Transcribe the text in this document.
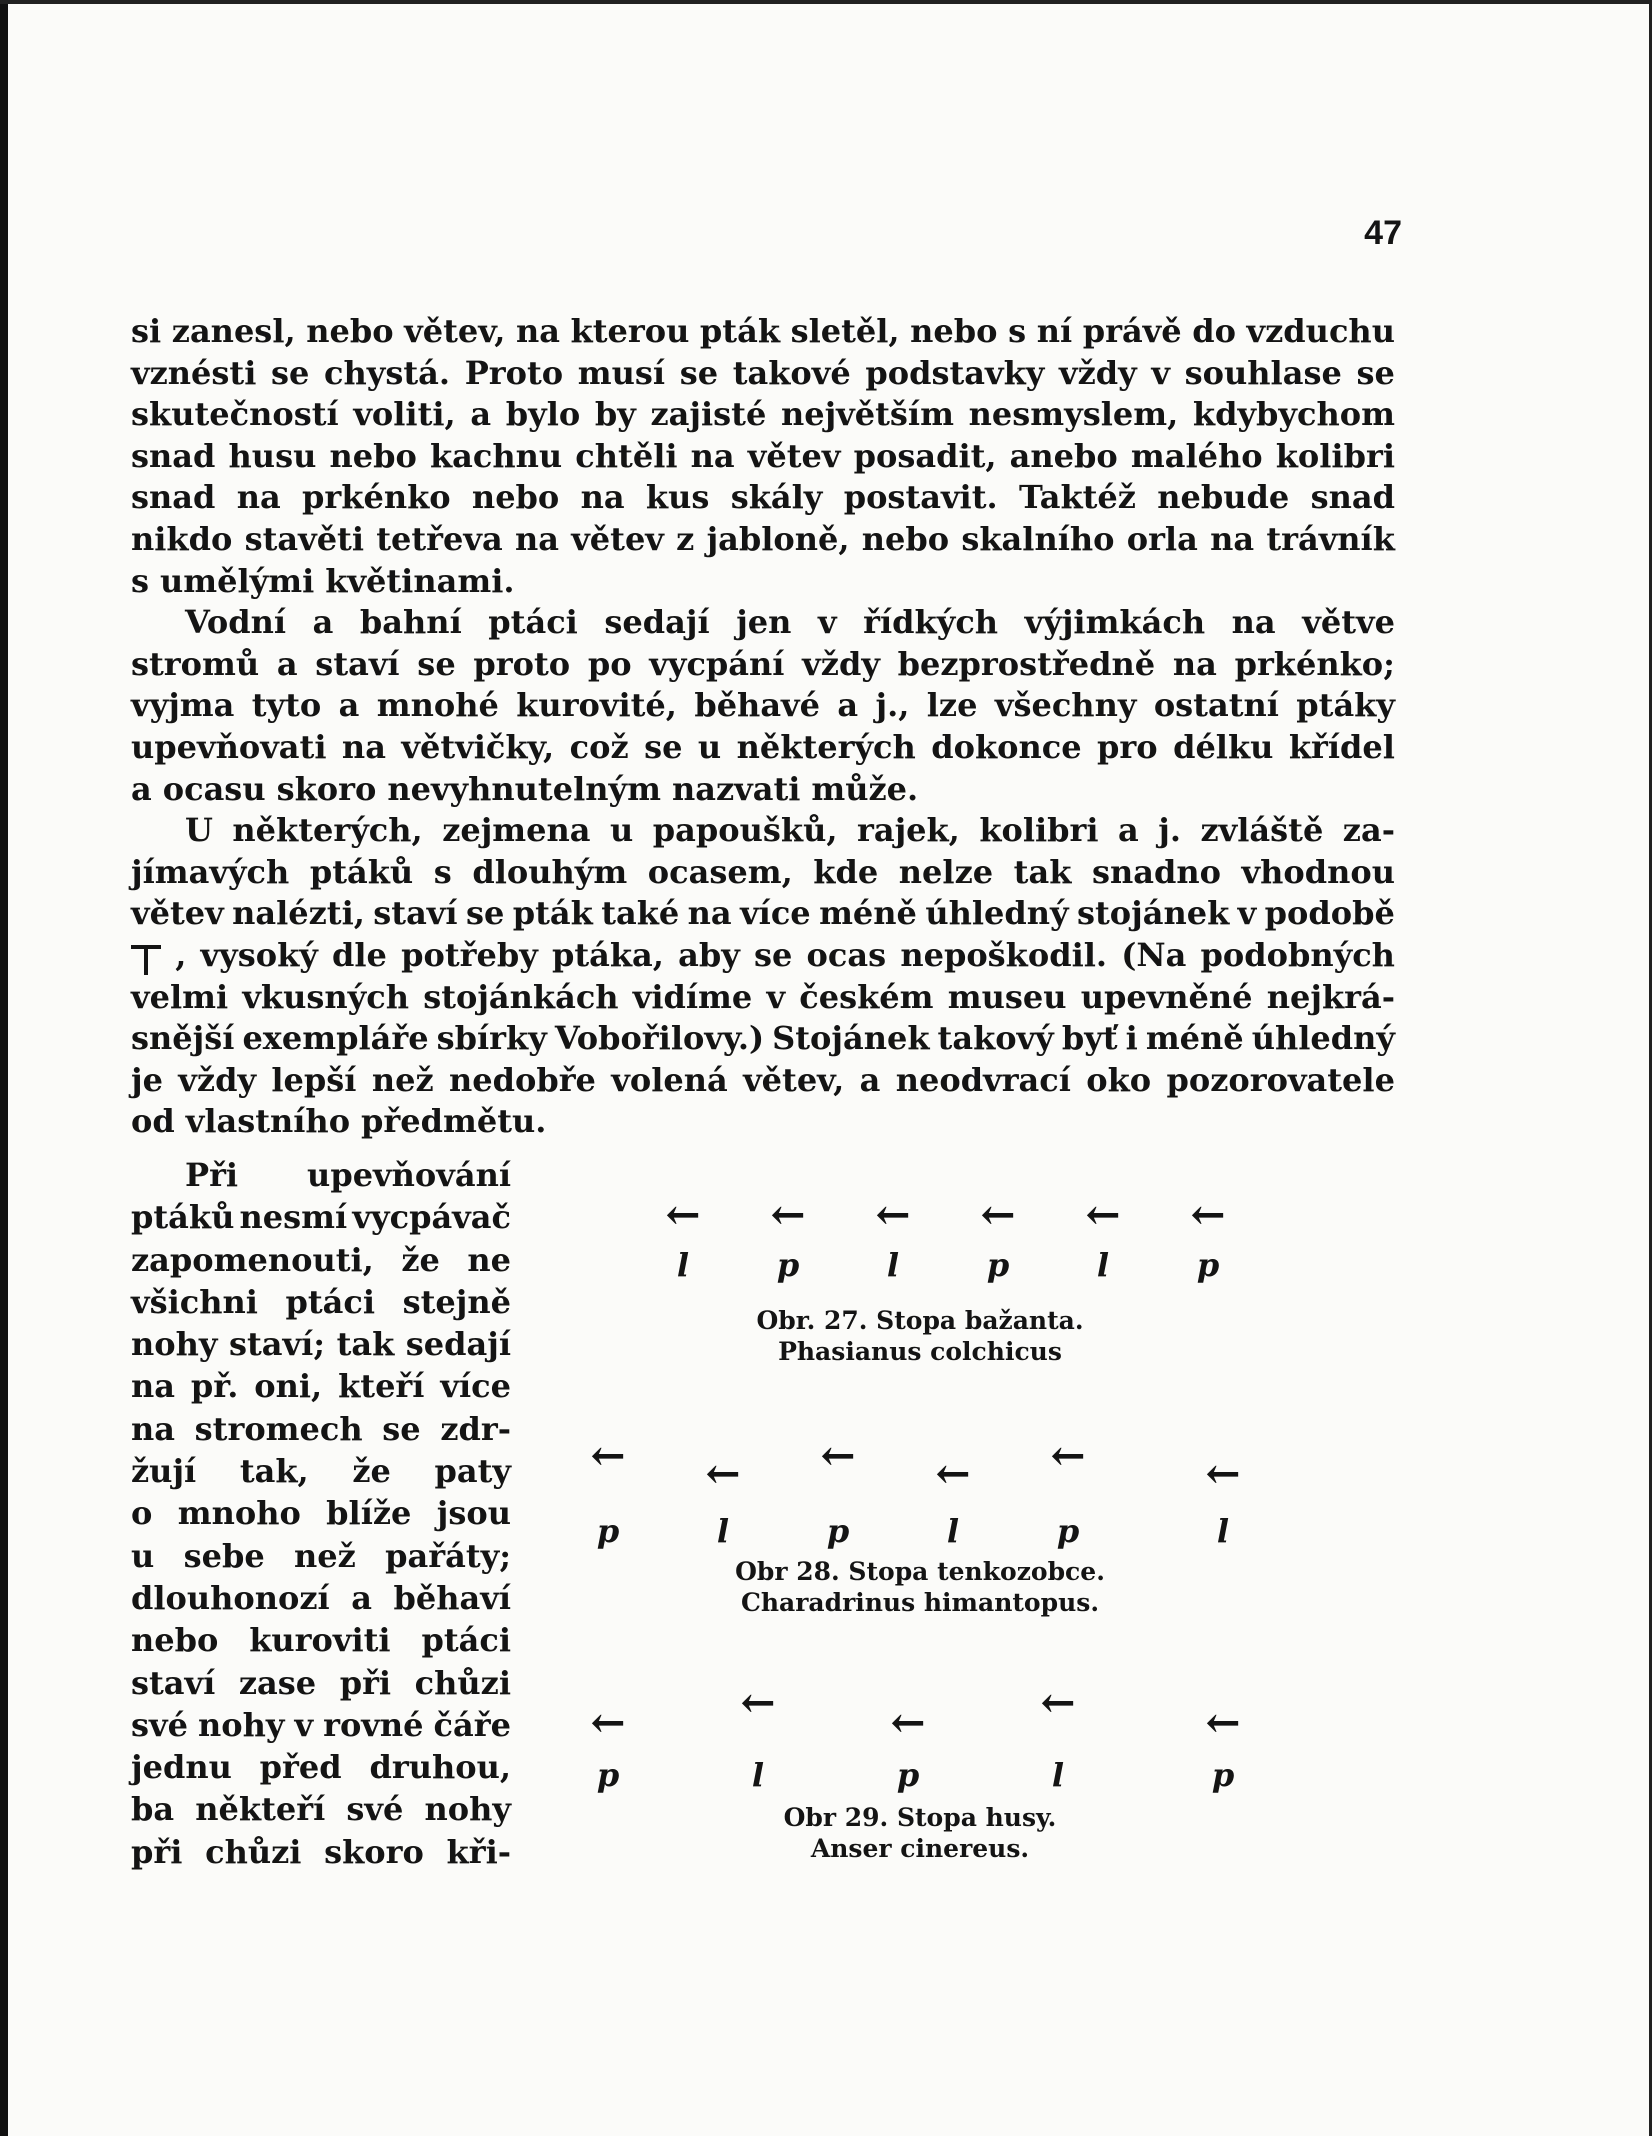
47
si zanesl, nebo větev, na kterou pták sletěl, nebo s ní právě do vzduchu
vznésti se chystá. Proto musí se takové podstavky vždy v souhlase se
skutečností voliti, a bylo by zajisté největším nesmyslem, kdybychom
snad husu nebo kachnu chtěli na větev posadit, anebo malého kolibri
snad na prkénko nebo na kus skály postavit. Taktéž nebude snad
nikdo stavěti tetřeva na větev z jabloně, nebo skalního orla na trávník
s umělými květinami.
Vodní a bahní ptáci sedají jen v řídkých výjimkách na větve
stromů a staví se proto po vycpání vždy bezprostředně na prkénko;
vyjma tyto a mnohé kurovité, běhavé a j., lze všechny ostatní ptáky
upevňovati na větvičky, což se u některých dokonce pro délku křídel
a ocasu skoro nevyhnutelným nazvati může.
U některých, zejmena u papoušků, rajek, kolibri a j. zvláště za-
jímavých ptáků s dlouhým ocasem, kde nelze tak snadno vhodnou
větev nalézti, staví se pták také na více méně úhledný stojánek v podobě
, vysoký dle potřeby ptáka, aby se ocas nepoškodil. (Na podobných
velmi vkusných stojánkách vidíme v českém museu upevněné nejkrá-
snější exempláře sbírky Vobořilovy.) Stojánek takový byť i méně úhledný
je vždy lepší než nedobře volená větev, a neodvrací oko pozorovatele
od vlastního předmětu.
Při upevňování
ptáků nesmí vycpávač
zapomenouti, že ne
všichni ptáci stejně
nohy staví; tak sedají
na př. oni, kteří více
na stromech se zdr-
žují tak, že paty
o mnoho blíže jsou
u sebe než pařáty;
dlouhonozí a běhaví
nebo kuroviti ptáci
staví zase při chůzi
své nohy v rovné čáře
jednu před druhou,
ba někteří své nohy
při chůzi skoro kři-
←
l
←
p
←
l
←
p
←
l
←
p
Obr. 27. Stopa bažanta.
Phasianus colchicus
←
p
←
l
←
p
←
l
←
p
←
l
Obr 28. Stopa tenkozobce.
Charadrinus himantopus.
←
p
←
l
←
p
←
l
←
p
Obr 29. Stopa husy.
Anser cinereus.
